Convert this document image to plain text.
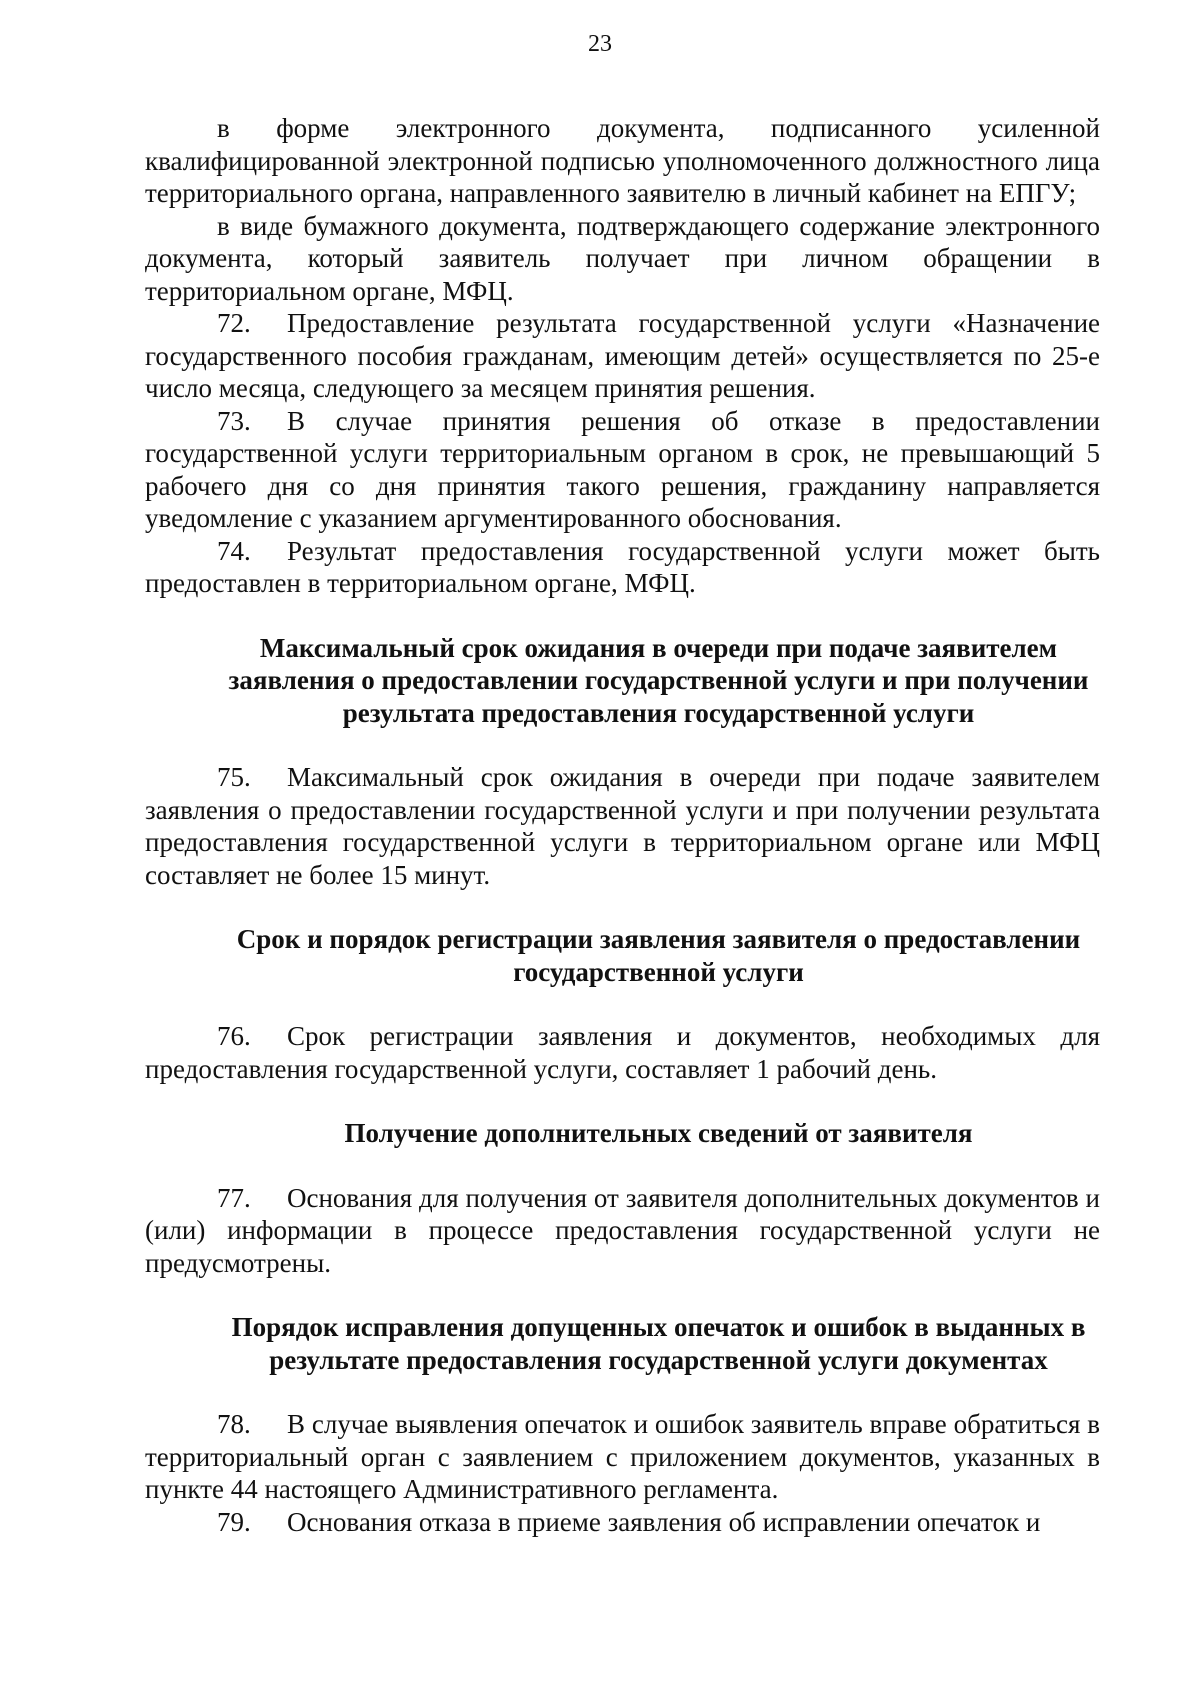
23

в форме электронного документа, подписанного усиленной квалифицированной электронной подписью уполномоченного должностного лица территориального органа, направленного заявителю в личный кабинет на ЕПГУ;

в виде бумажного документа, подтверждающего содержание электронного документа, который заявитель получает при личном обращении в территориальном органе, МФЦ.

72. Предоставление результата государственной услуги «Назначение государственного пособия гражданам, имеющим детей» осуществляется по 25-е число месяца, следующего за месяцем принятия решения.

73. В случае принятия решения об отказе в предоставлении государственной услуги территориальным органом в срок, не превышающий 5 рабочего дня со дня принятия такого решения, гражданину направляется уведомление с указанием аргументированного обоснования.

74. Результат предоставления государственной услуги может быть предоставлен в территориальном органе, МФЦ.

Максимальный срок ожидания в очереди при подаче заявителем заявления о предоставлении государственной услуги и при получении результата предоставления государственной услуги

75. Максимальный срок ожидания в очереди при подаче заявителем заявления о предоставлении государственной услуги и при получении результата предоставления государственной услуги в территориальном органе или МФЦ составляет не более 15 минут.

Срок и порядок регистрации заявления заявителя о предоставлении государственной услуги

76. Срок регистрации заявления и документов, необходимых для предоставления государственной услуги, составляет 1 рабочий день.

Получение дополнительных сведений от заявителя

77. Основания для получения от заявителя дополнительных документов и (или) информации в процессе предоставления государственной услуги не предусмотрены.

Порядок исправления допущенных опечаток и ошибок в выданных в результате предоставления государственной услуги документах

78. В случае выявления опечаток и ошибок заявитель вправе обратиться в территориальный орган с заявлением с приложением документов, указанных в пункте 44 настоящего Административного регламента.

79. Основания отказа в приеме заявления об исправлении опечаток и
